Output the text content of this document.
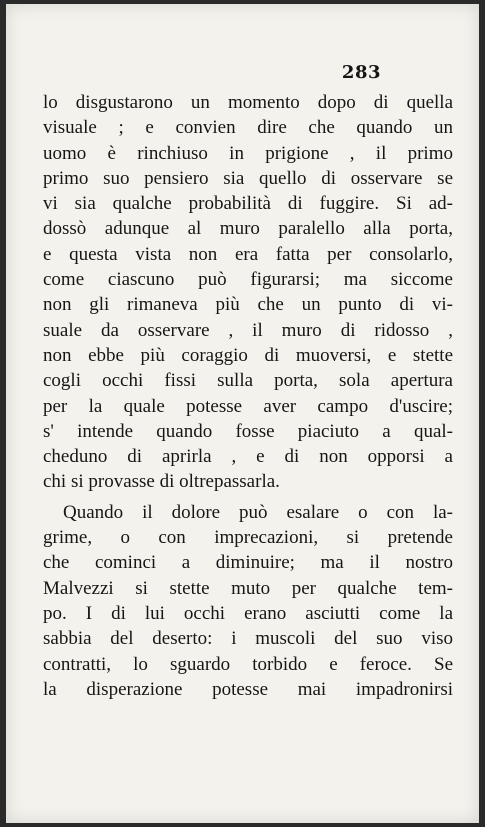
283
lo disgustarono un momento dopo di quella
visuale ; e convien dire che quando un
uomo è rinchiuso in prigione , il primo
primo suo pensiero sia quello di osservare se
vi sia qualche probabilità di fuggire. Si ad-
dossò adunque al muro paralello alla porta,
e questa vista non era fatta per consolarlo,
come ciascuno può figurarsi; ma siccome
non gli rimaneva più che un punto di vi-
suale da osservare , il muro di ridosso ,
non ebbe più coraggio di muoversi, e stette
cogli occhi fissi sulla porta, sola apertura
per la quale potesse aver campo d'uscire;
s' intende quando fosse piaciuto a qual-
cheduno di aprirla , e di non opporsi a
chi si provasse di oltrepassarla.
Quando il dolore può esalare o con la-
grime, o con imprecazioni, si pretende
che cominci a diminuire; ma il nostro
Malvezzi si stette muto per qualche tem-
po. I di lui occhi erano asciutti come la
sabbia del deserto: i muscoli del suo viso
contratti, lo sguardo torbido e feroce. Se
la disperazione potesse mai impadronirsi
